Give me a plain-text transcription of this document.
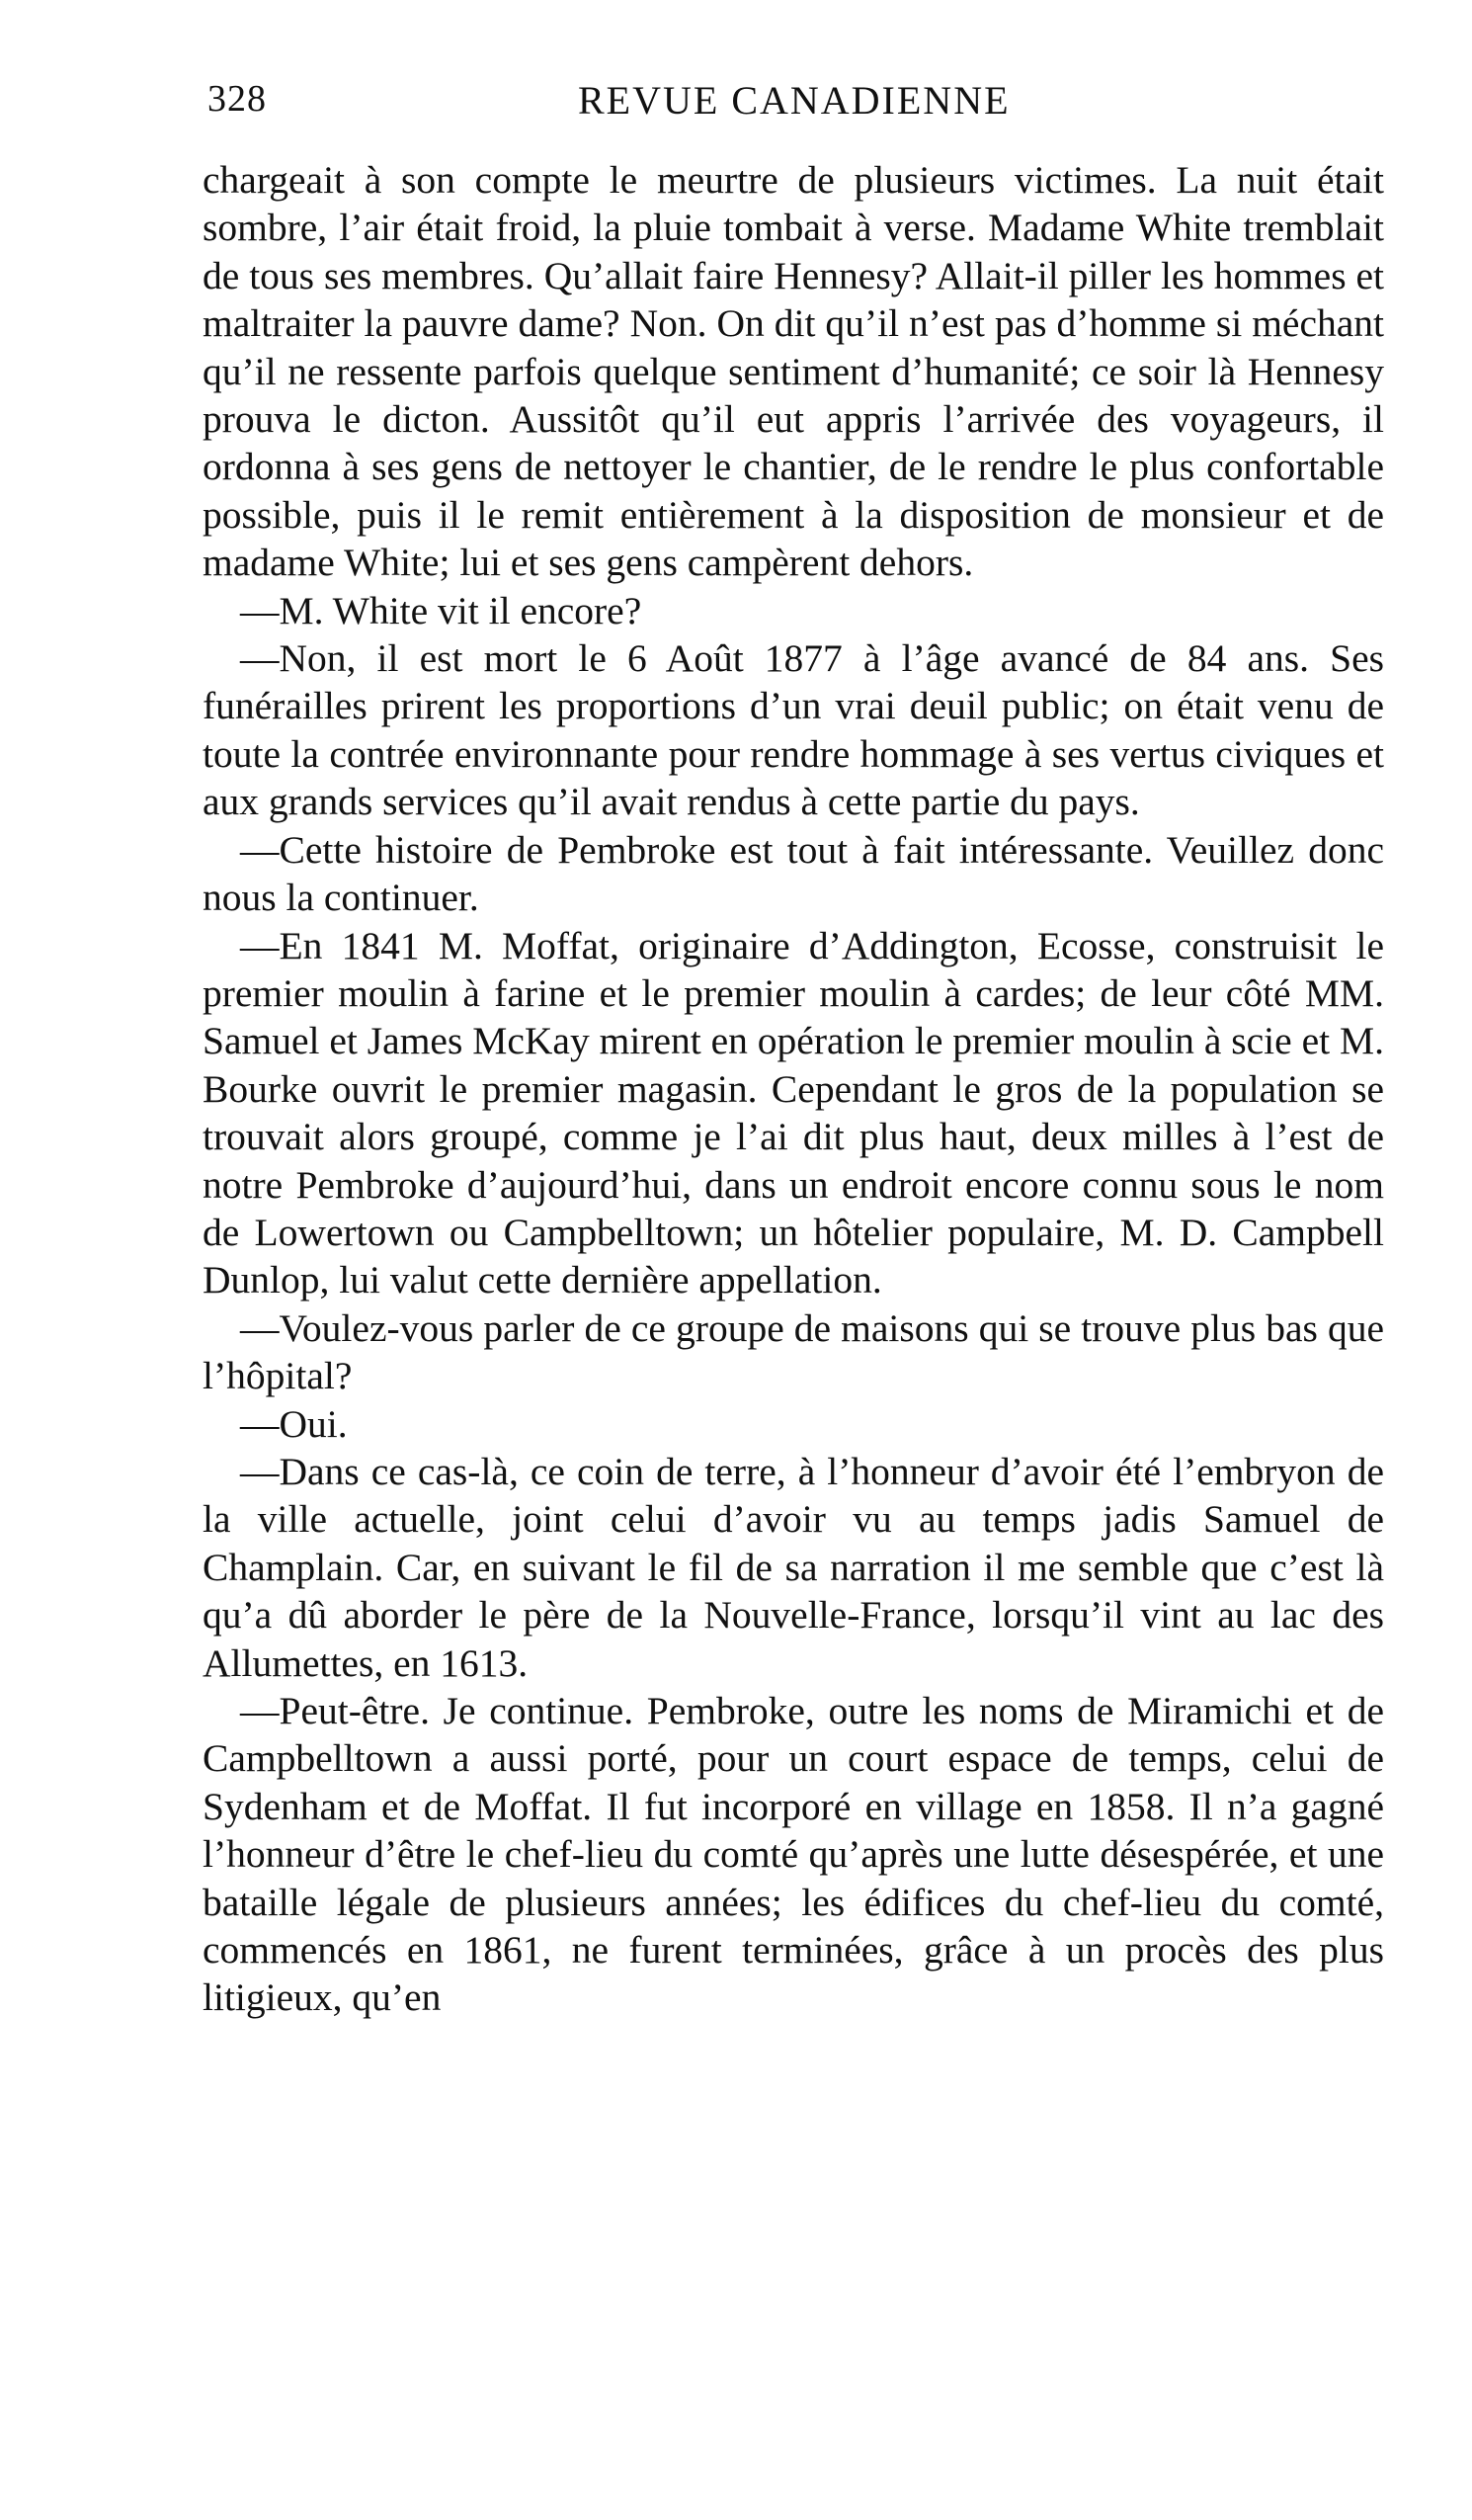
328	REVUE CANADIENNE

chargeait à son compte le meurtre de plusieurs victimes. La nuit était sombre, l’air était froid, la pluie tombait à verse. Madame White tremblait de tous ses membres. Qu’allait faire Hennesy? Allait-il piller les hommes et maltraiter la pauvre dame? Non. On dit qu’il n’est pas d’homme si méchant qu’il ne ressente parfois quelque sentiment d’humanité; ce soir là Hennesy prouva le dicton. Aussitôt qu’il eut appris l’arrivée des voyageurs, il ordonna à ses gens de nettoyer le chantier, de le rendre le plus confortable possible, puis il le remit entièrement à la disposition de monsieur et de madame White; lui et ses gens campèrent dehors.

—M. White vit il encore?

—Non, il est mort le 6 Août 1877 à l’âge avancé de 84 ans. Ses funérailles prirent les proportions d’un vrai deuil public; on était venu de toute la contrée environnante pour rendre hommage à ses vertus civiques et aux grands services qu’il avait rendus à cette partie du pays.

—Cette histoire de Pembroke est tout à fait intéressante. Veuillez donc nous la continuer.

—En 1841 M. Moffat, originaire d’Addington, Ecosse, construisit le premier moulin à farine et le premier moulin à cardes; de leur côté MM. Samuel et James McKay mirent en opération le premier moulin à scie et M. Bourke ouvrit le premier magasin. Cependant le gros de la population se trouvait alors groupé, comme je l’ai dit plus haut, deux milles à l’est de notre Pembroke d’aujourd’hui, dans un endroit encore connu sous le nom de Lowertown ou Campbelltown; un hôtelier populaire, M. D. Campbell Dunlop, lui valut cette dernière appellation.

—Voulez-vous parler de ce groupe de maisons qui se trouve plus bas que l’hôpital?

—Oui.

—Dans ce cas-là, ce coin de terre, à l’honneur d’avoir été l’embryon de la ville actuelle, joint celui d’avoir vu au temps jadis Samuel de Champlain. Car, en suivant le fil de sa narration il me semble que c’est là qu’a dû aborder le père de la Nouvelle-France, lorsqu’il vint au lac des Allumettes, en 1613.

—Peut-être. Je continue. Pembroke, outre les noms de Miramichi et de Campbelltown a aussi porté, pour un court espace de temps, celui de Sydenham et de Moffat. Il fut incorporé en village en 1858. Il n’a gagné l’honneur d’être le chef-lieu du comté qu’après une lutte désespérée, et une bataille légale de plusieurs années; les édifices du chef-lieu du comté, commencés en 1861, ne furent terminées, grâce à un procès des plus litigieux, qu’en
